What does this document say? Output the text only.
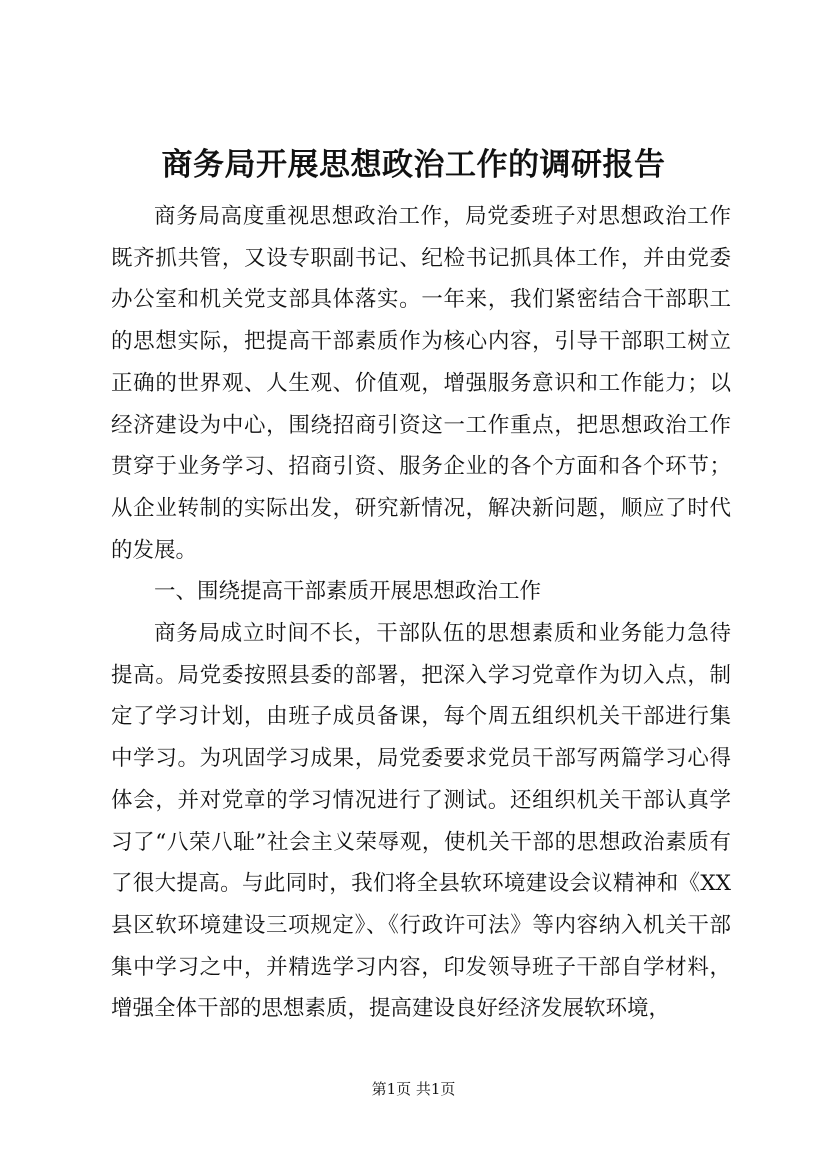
商务局开展思想政治工作的调研报告

商务局高度重视思想政治工作，局党委班子对思想政治工作既齐抓共管，又设专职副书记、纪检书记抓具体工作，并由党委办公室和机关党支部具体落实。一年来，我们紧密结合干部职工的思想实际，把提高干部素质作为核心内容，引导干部职工树立正确的世界观、人生观、价值观，增强服务意识和工作能力；以经济建设为中心，围绕招商引资这一工作重点，把思想政治工作贯穿于业务学习、招商引资、服务企业的各个方面和各个环节；从企业转制的实际出发，研究新情况，解决新问题，顺应了时代的发展。

一、围绕提高干部素质开展思想政治工作

商务局成立时间不长，干部队伍的思想素质和业务能力急待提高。局党委按照县委的部署，把深入学习党章作为切入点，制定了学习计划，由班子成员备课，每个周五组织机关干部进行集中学习。为巩固学习成果，局党委要求党员干部写两篇学习心得体会，并对党章的学习情况进行了测试。还组织机关干部认真学习了“八荣八耻”社会主义荣辱观，使机关干部的思想政治素质有了很大提高。与此同时，我们将全县软环境建设会议精神和《XX县区软环境建设三项规定》、《行政许可法》等内容纳入机关干部集中学习之中，并精选学习内容，印发领导班子干部自学材料，增强全体干部的思想素质，提高建设良好经济发展软环境，

第1页 共1页
